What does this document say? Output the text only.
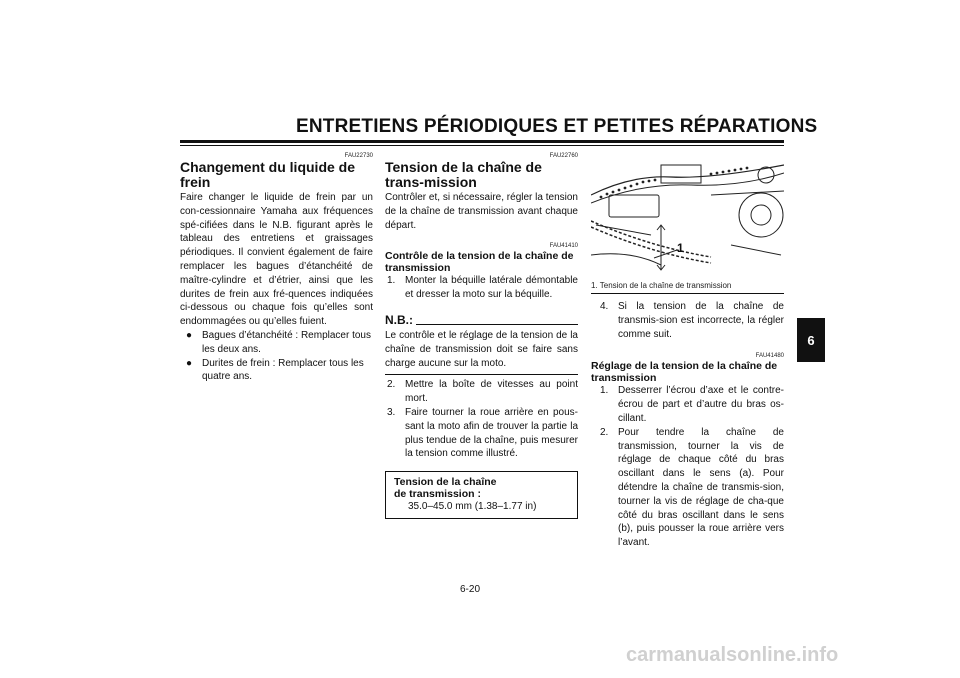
ENTRETIENS PÉRIODIQUES ET PETITES RÉPARATIONS
6
FAU22730
Changement du liquide de frein
Faire changer le liquide de frein par un con-cessionnaire Yamaha aux fréquences spé-cifiées dans le N.B. figurant après le tableau des entretiens et graissages périodiques. Il convient également de faire remplacer les bagues d’étanchéité de maître-cylindre et d’étrier, ainsi que les durites de frein aux fré-quences indiquées ci-dessous ou chaque fois qu’elles sont endommagées ou qu’elles fuient.
● Bagues d’étanchéité : Remplacer tous les deux ans.
● Durites de frein : Remplacer tous les quatre ans.
FAU22760
Tension de la chaîne de trans-mission
Contrôler et, si nécessaire, régler la tension de la chaîne de transmission avant chaque départ.
FAU41410
Contrôle de la tension de la chaîne de transmission
1. Monter la béquille latérale démontable et dresser la moto sur la béquille.
N.B.:
Le contrôle et le réglage de la tension de la chaîne de transmission doit se faire sans charge aucune sur la moto.
2. Mettre la boîte de vitesses au point mort.
3. Faire tourner la roue arrière en pous-sant la moto afin de trouver la partie la plus tendue de la chaîne, puis mesurer la tension comme illustré.
Tension de la chaîne de transmission :
35.0–45.0 mm (1.38–1.77 in)
1
1. Tension de la chaîne de transmission
4. Si la tension de la chaîne de transmis-sion est incorrecte, la régler comme suit.
FAU41480
Réglage de la tension de la chaîne de transmission
1. Desserrer l’écrou d’axe et le contre-écrou de part et d’autre du bras os-cillant.
2. Pour tendre la chaîne de transmission, tourner la vis de réglage de chaque côté du bras oscillant dans le sens (a). Pour détendre la chaîne de transmis-sion, tourner la vis de réglage de cha-que côté du bras oscillant dans le sens (b), puis pousser la roue arrière vers l’avant.
6-20
carmanualsonline.info
